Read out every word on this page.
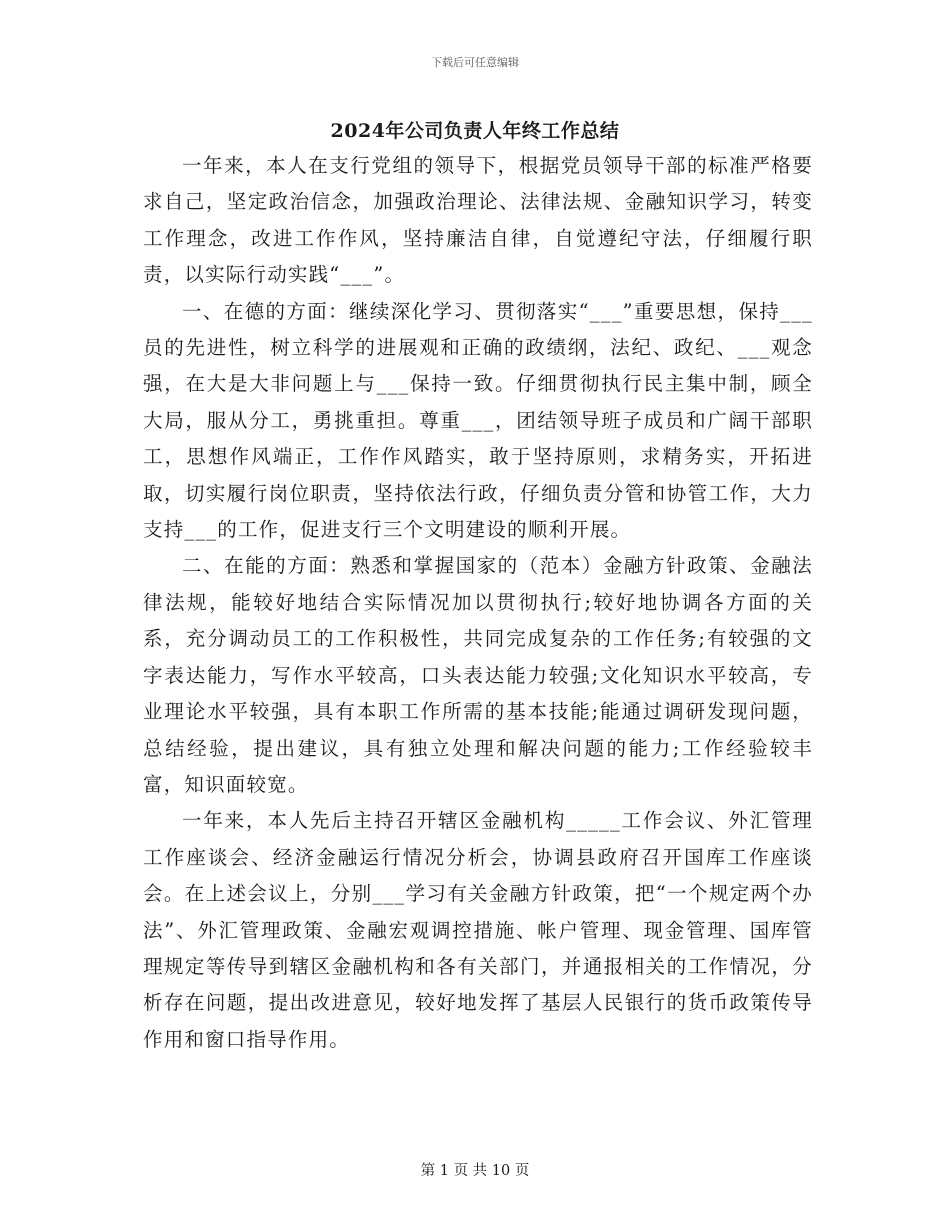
下载后可任意编辑
2024年公司负责人年终工作总结

一年来，本人在支行党组的领导下，根据党员领导干部的标准严格要求自己，坚定政治信念，加强政治理论、法律法规、金融知识学习，转变工作理念，改进工作作风，坚持廉洁自律，自觉遵纪守法，仔细履行职责，以实际行动实践“___”。

一、在德的方面：继续深化学习、贯彻落实“___”重要思想，保持___员的先进性，树立科学的进展观和正确的政绩纲，法纪、政纪、___观念强，在大是大非问题上与___保持一致。仔细贯彻执行民主集中制，顾全大局，服从分工，勇挑重担。尊重___，团结领导班子成员和广阔干部职工，思想作风端正，工作作风踏实，敢于坚持原则，求精务实，开拓进取，切实履行岗位职责，坚持依法行政，仔细负责分管和协管工作，大力支持___的工作，促进支行三个文明建设的顺利开展。

二、在能的方面：熟悉和掌握国家的（范本）金融方针政策、金融法律法规，能较好地结合实际情况加以贯彻执行;较好地协调各方面的关系，充分调动员工的工作积极性，共同完成复杂的工作任务;有较强的文字表达能力，写作水平较高，口头表达能力较强;文化知识水平较高，专业理论水平较强，具有本职工作所需的基本技能;能通过调研发现问题，总结经验，提出建议，具有独立处理和解决问题的能力;工作经验较丰富，知识面较宽。

一年来，本人先后主持召开辖区金融机构_____工作会议、外汇管理工作座谈会、经济金融运行情况分析会，协调县政府召开国库工作座谈会。在上述会议上，分别___学习有关金融方针政策，把“一个规定两个办法”、外汇管理政策、金融宏观调控措施、帐户管理、现金管理、国库管理规定等传导到辖区金融机构和各有关部门，并通报相关的工作情况，分析存在问题，提出改进意见，较好地发挥了基层人民银行的货币政策传导作用和窗口指导作用。

第 1 页 共 10 页
